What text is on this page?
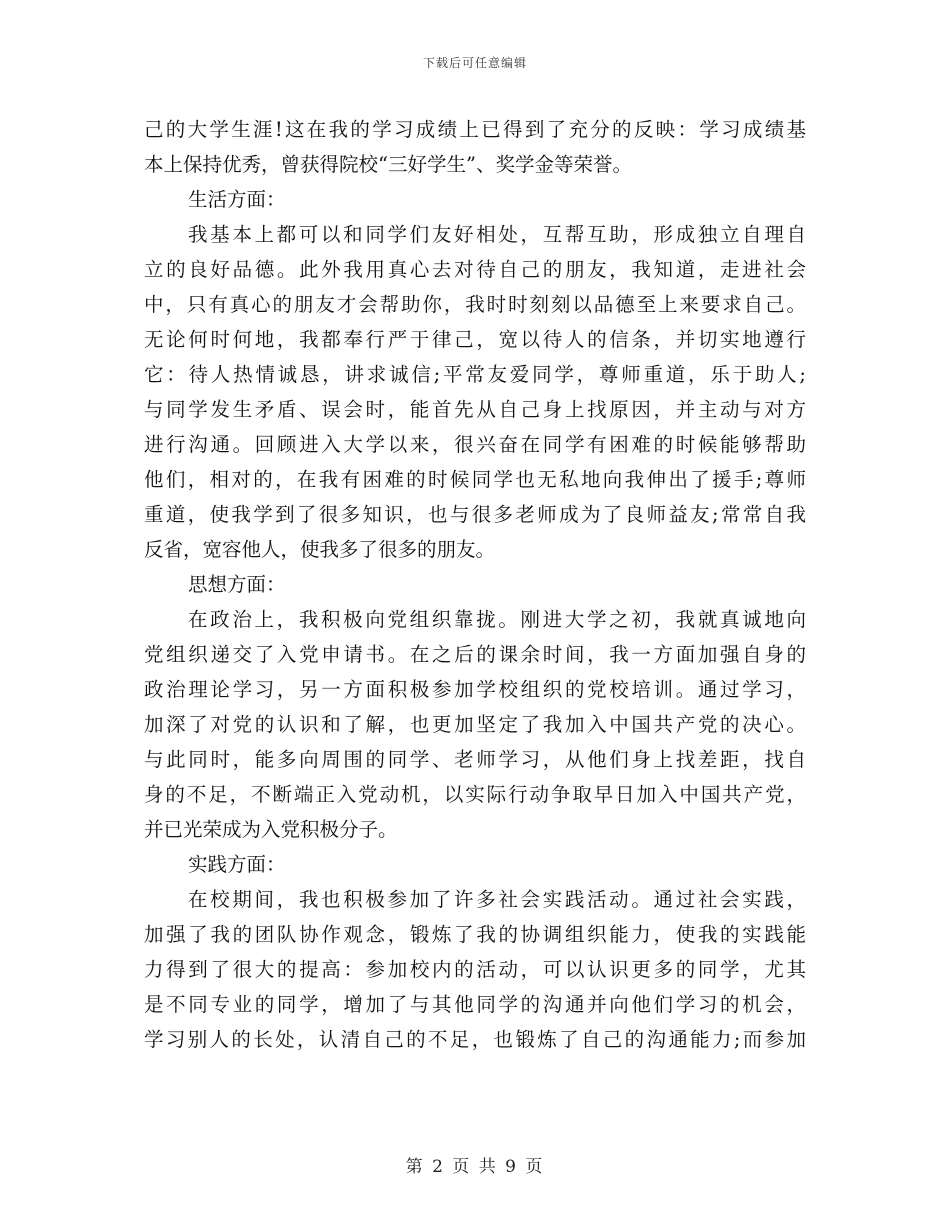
下载后可任意编辑
己的大学生涯!这在我的学习成绩上已得到了充分的反映：学习成绩基
本上保持优秀，曾获得院校“三好学生”、奖学金等荣誉。
生活方面：
我基本上都可以和同学们友好相处，互帮互助，形成独立自理自
立的良好品德。此外我用真心去对待自己的朋友，我知道，走进社会
中，只有真心的朋友才会帮助你，我时时刻刻以品德至上来要求自己。
无论何时何地，我都奉行严于律己，宽以待人的信条，并切实地遵行
它：待人热情诚恳，讲求诚信;平常友爱同学，尊师重道，乐于助人;
与同学发生矛盾、误会时，能首先从自己身上找原因，并主动与对方
进行沟通。回顾进入大学以来，很兴奋在同学有困难的时候能够帮助
他们，相对的，在我有困难的时候同学也无私地向我伸出了援手;尊师
重道，使我学到了很多知识，也与很多老师成为了良师益友;常常自我
反省，宽容他人，使我多了很多的朋友。
思想方面：
在政治上，我积极向党组织靠拢。刚进大学之初，我就真诚地向
党组织递交了入党申请书。在之后的课余时间，我一方面加强自身的
政治理论学习，另一方面积极参加学校组织的党校培训。通过学习，
加深了对党的认识和了解，也更加坚定了我加入中国共产党的决心。
与此同时，能多向周围的同学、老师学习，从他们身上找差距，找自
身的不足，不断端正入党动机，以实际行动争取早日加入中国共产党，
并已光荣成为入党积极分子。
实践方面：
在校期间，我也积极参加了许多社会实践活动。通过社会实践，
加强了我的团队协作观念，锻炼了我的协调组织能力，使我的实践能
力得到了很大的提高：参加校内的活动，可以认识更多的同学，尤其
是不同专业的同学，增加了与其他同学的沟通并向他们学习的机会，
学习别人的长处，认清自己的不足，也锻炼了自己的沟通能力;而参加
第 2 页 共 9 页
